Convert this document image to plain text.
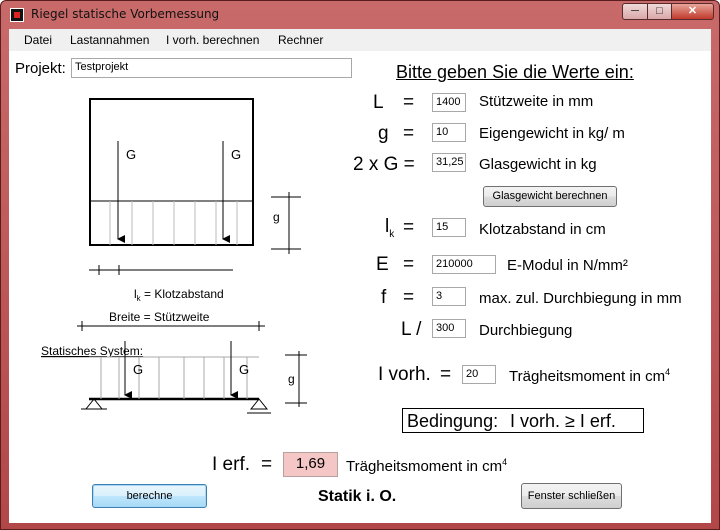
Riegel statische Vorbemessung	─	□	✕
Datei Lastannahmen I vorh. berechnen Rechner
Projekt: Testprojekt
G	G
g
$l_k$ = Klotzabstand
Breite = Stützweite
Statisches System:
G	G
g
Bitte geben Sie die Werte ein:
L =	1400	Stützweite in mm
g =	10	Eigengewicht in kg/ m
2 x G =	31,25 Glasgewicht in kg
Glasgewicht berechnen
$l_k$ =	15	Klotzabstand in cm
E =	210000	E-Modul in N/mm²
f =	3	max. zul. Durchbiegung in mm
L /	300	Durchbiegung
I vorh. =	20	Trägheitsmoment in $cm^4$
Bedingung: I vorh. ≥ I erf.
I erf. =	1,69	Trägheitsmoment in $cm^4$
berechne	Statik i. O.	Fenster schließen
